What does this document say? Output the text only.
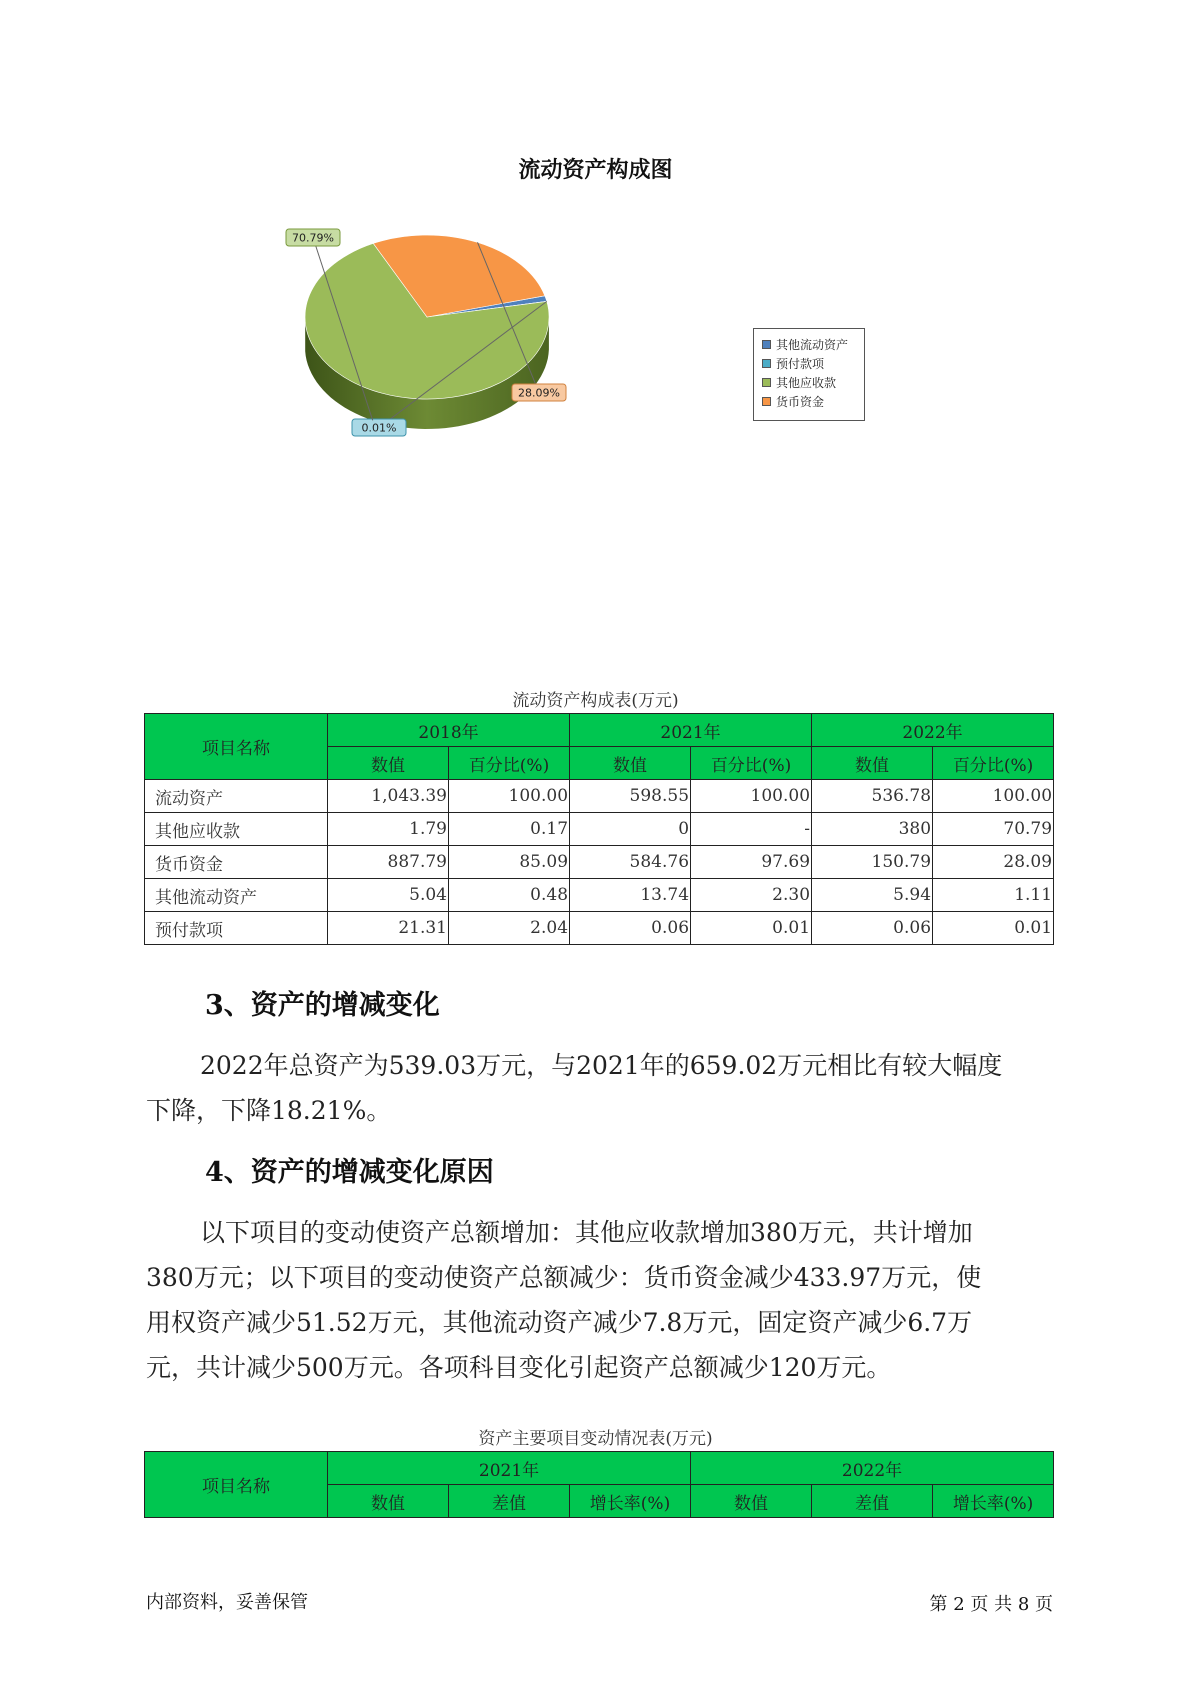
流动资产构成图
0.01%
70.79%
28.09%
其他流动资产
预付款项
其他应收款
货币资金
流动资产构成表(万元)
项目名称	2018年		2021年		2022年	
	数值	百分比(%)	数值	百分比(%)	数值	百分比(%)
流动资产	1,043.39	100.00	598.55	100.00	536.78	100.00
其他应收款	1.79	0.17	0	-	380	70.79
货币资金	887.79	85.09	584.76	97.69	150.79	28.09
其他流动资产	5.04	0.48	13.74	2.30	5.94	1.11
预付款项	21.31	2.04	0.06	0.01	0.06	0.01
3、资产的增减变化
2022年总资产为539.03万元，与2021年的659.02万元相比有较大幅度
下降，下降18.21%。
4、资产的增减变化原因
以下项目的变动使资产总额增加：其他应收款增加380万元，共计增加
380万元；以下项目的变动使资产总额减少：货币资金减少433.97万元，使
用权资产减少51.52万元，其他流动资产减少7.8万元，固定资产减少6.7万
元，共计减少500万元。各项科目变化引起资产总额减少120万元。
资产主要项目变动情况表(万元)
项目名称	2021年			2022年		
	数值	差值	增长率(%)	数值	差值	增长率(%)
内部资料，妥善保管	第 2 页 共 8 页
